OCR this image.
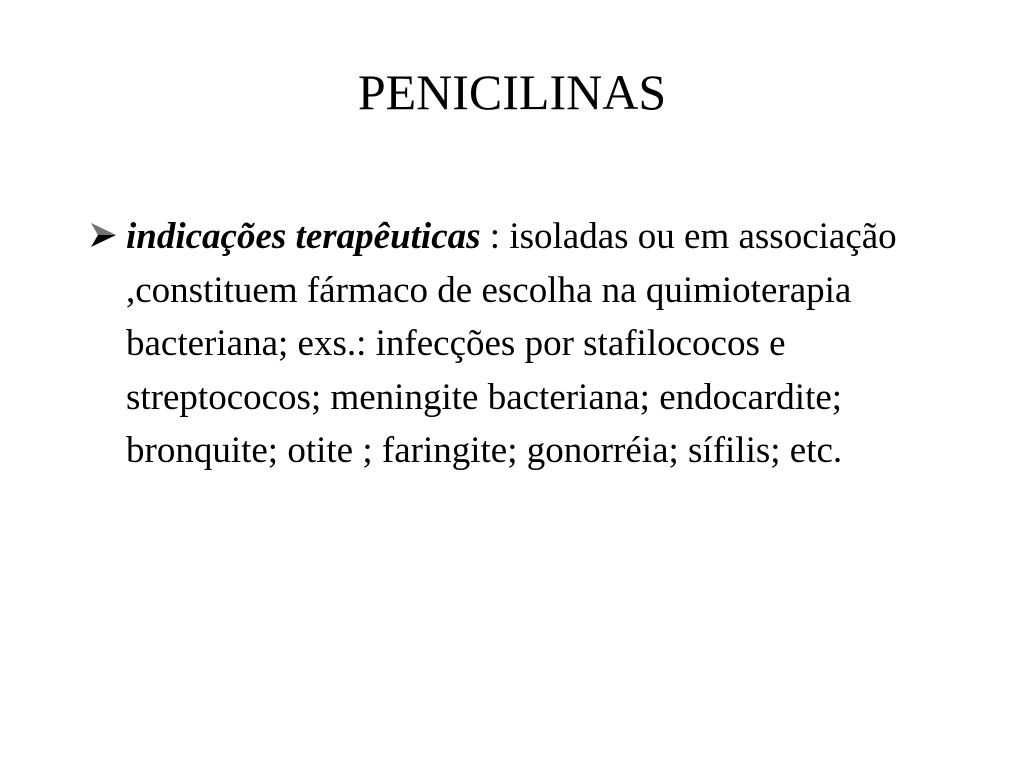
PENICILINAS

indicações terapêuticas : isoladas ou em associação ,constituem fármaco de escolha na quimioterapia bacteriana; exs.: infecções por stafilococos e streptococos; meningite bacteriana; endocardite; bronquite; otite ; faringite; gonorréia; sífilis; etc.
